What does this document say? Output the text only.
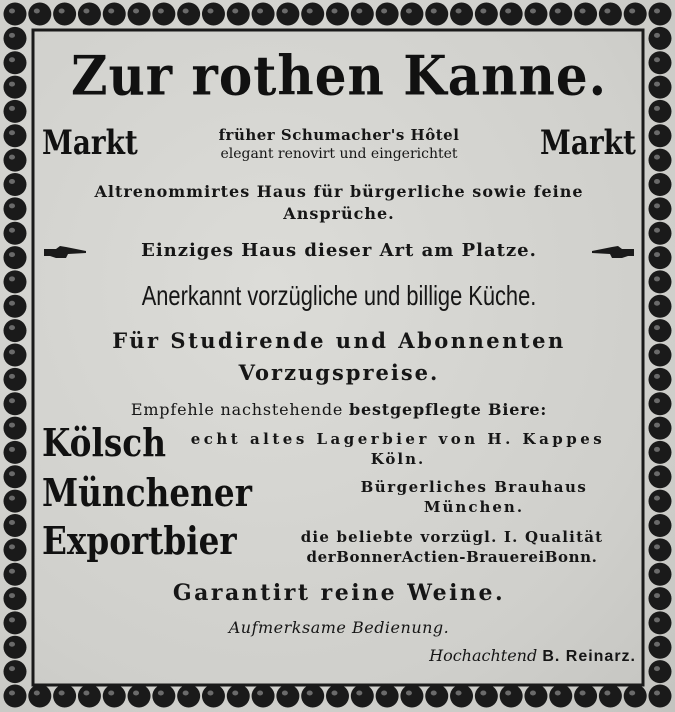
Zur rothen Kanne.
Markt	Markt
früher Schumacher's Hôtel
elegant renovirt und eingerichtet
Altrenommirtes Haus für bürgerliche sowie feine
Ansprüche.
Einziges Haus dieser Art am Platze.
Anerkannt vorzügliche und billige Küche.
Für Studirende und Abonnenten
Vorzugspreise.
Empfehle nachstehende bestgepflegte Biere:
Kölsch	echt altes Lagerbier von H. Kappes
Köln.
Münchener	Bürgerliches Brauhaus
München.
Exportbier	die beliebte vorzügl. I. Qualität
derBonnerActien-BrauereiBonn.
Garantirt reine Weine.
Aufmerksame Bedienung.
Hochachtend B. Reinarz.
